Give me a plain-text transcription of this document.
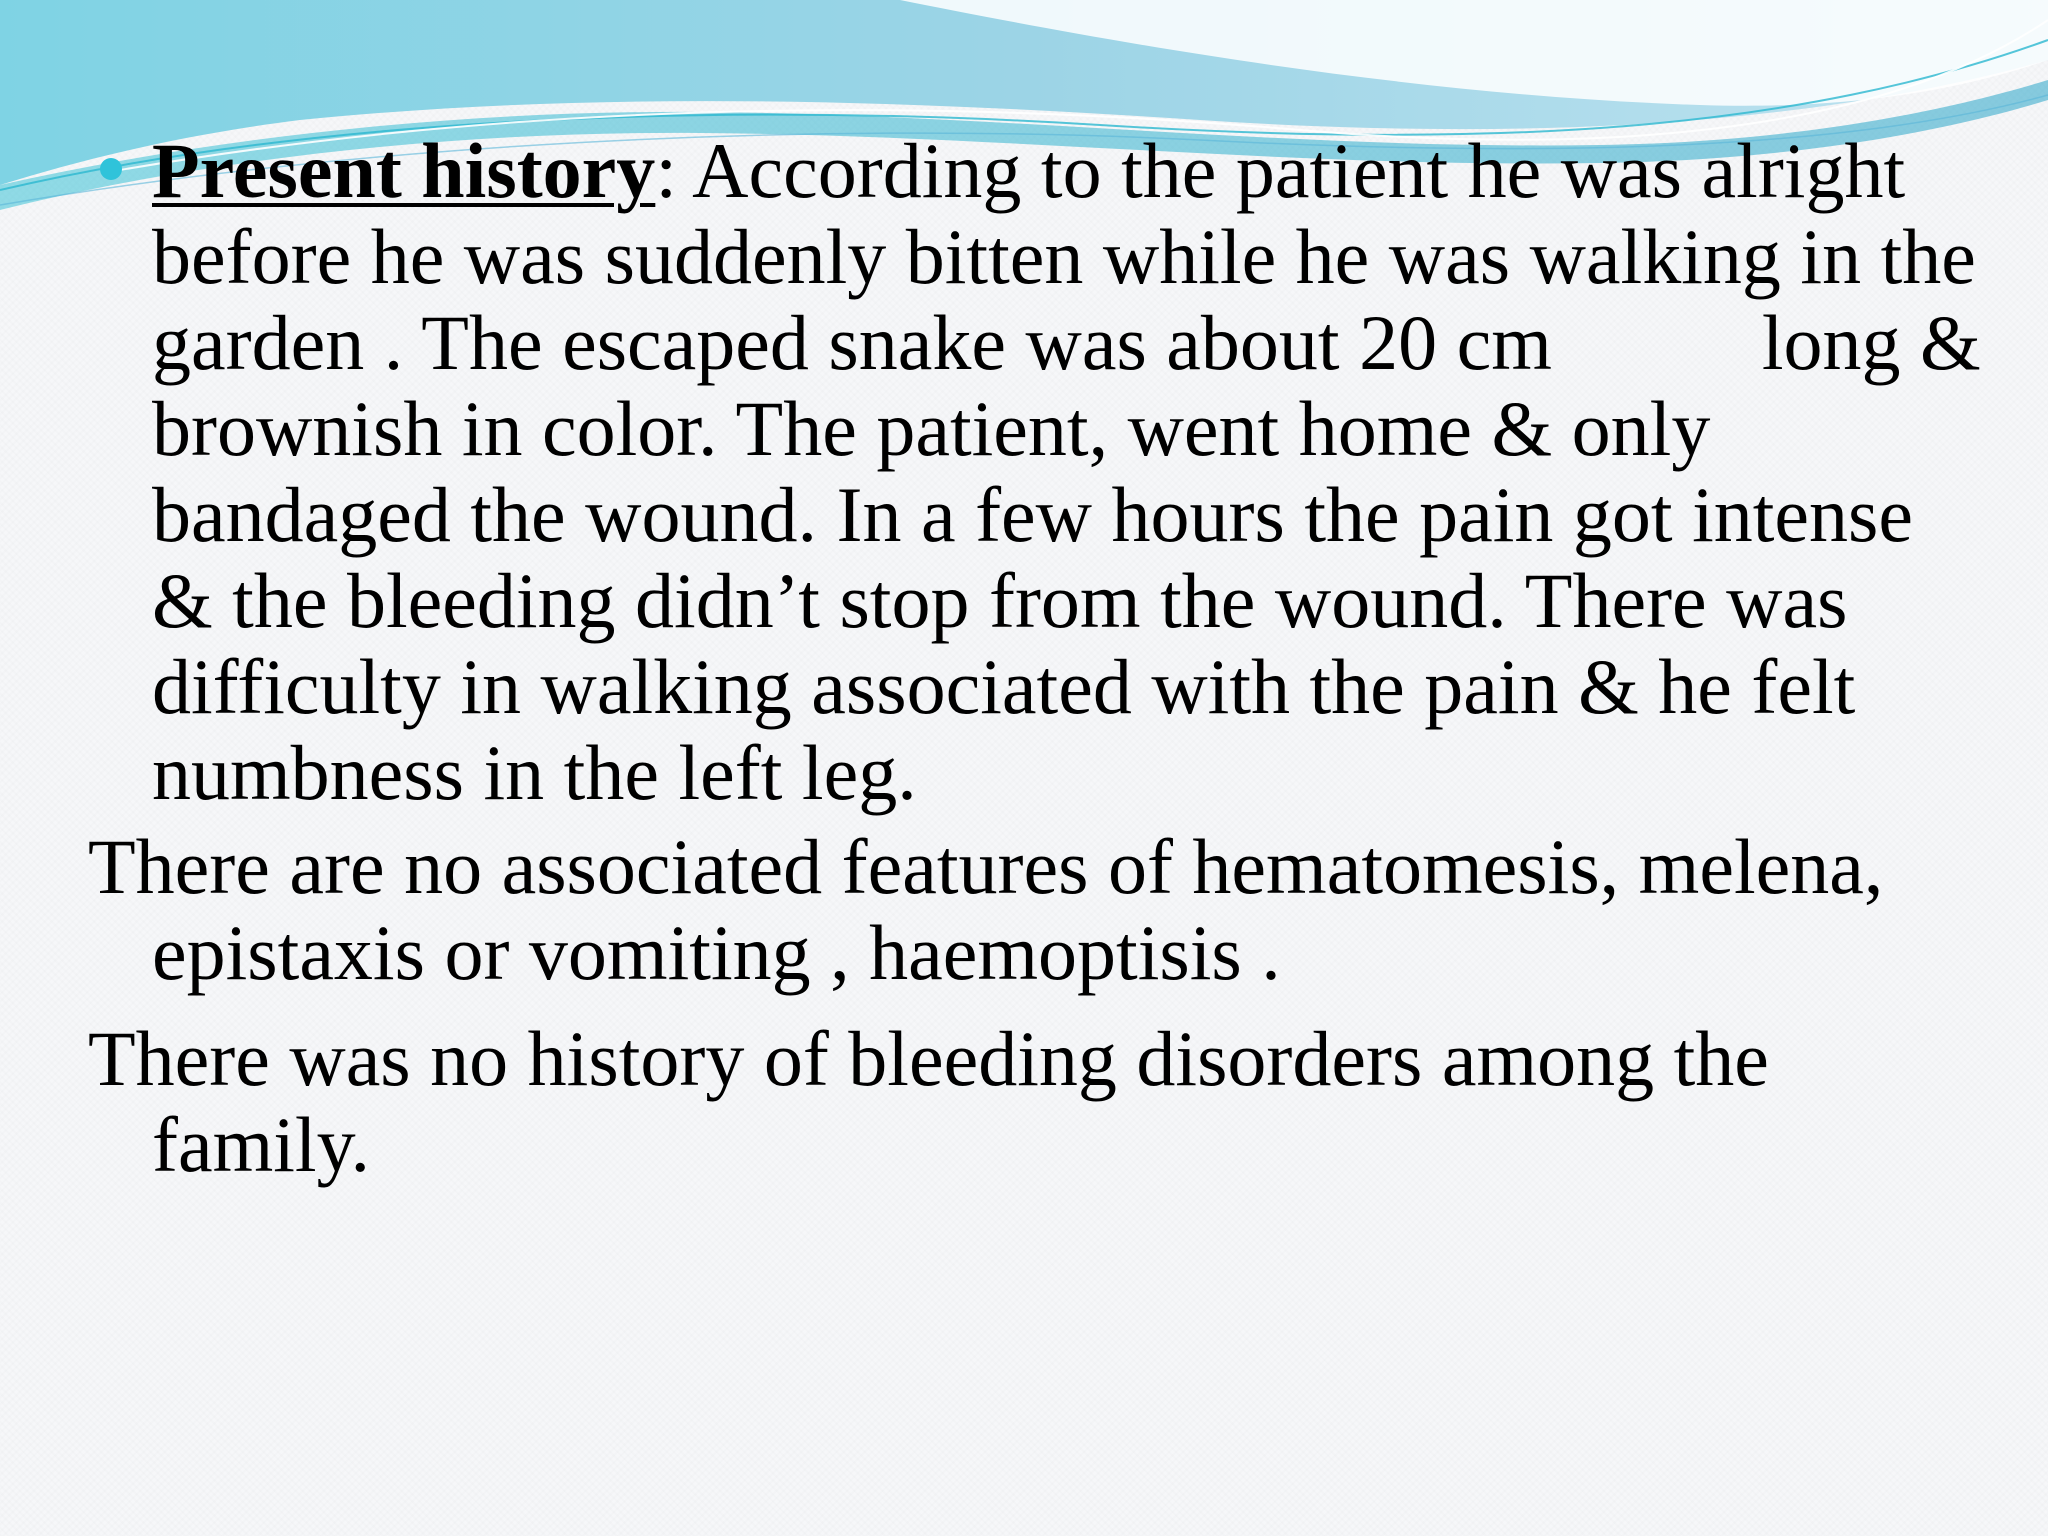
Present history: According to the patient he was alright before he was suddenly bitten while he was walking in the garden . The escaped snake was about 20 cm	long & brownish in color. The patient, went home & only bandaged the wound. In a few hours the pain got intense & the bleeding didn’t stop from the wound. There was difficulty in walking associated with the pain & he felt numbness in the left leg.
There are no associated features of hematomesis, melena, epistaxis or vomiting , haemoptisis .
There was no history of bleeding disorders among the family.
